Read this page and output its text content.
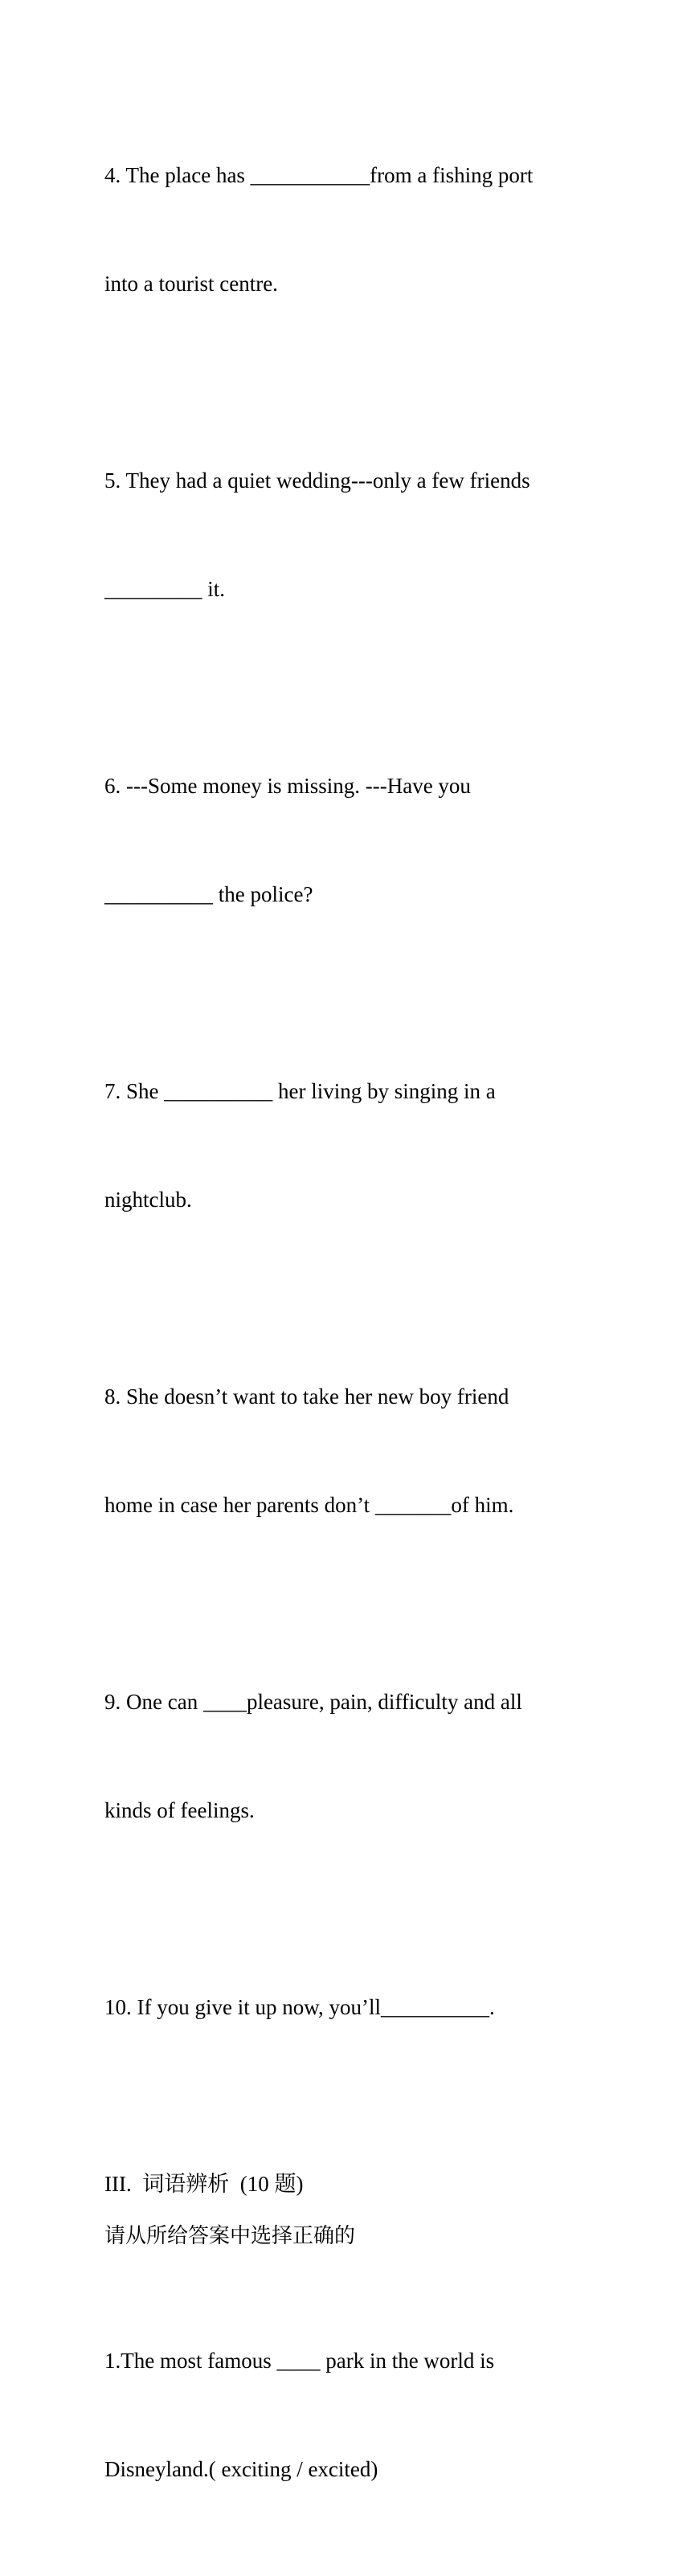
4. The place has ___________from a fishing port

into a tourist centre.

5. They had a quiet wedding---only a few friends

_________ it.

6. ---Some money is missing. ---Have you

__________ the police?

7. She __________ her living by singing in a

nightclub.

8. She doesn’t want to take her new boy friend

home in case her parents don’t _______of him.

9. One can ____pleasure, pain, difficulty and all

kinds of feelings.

10. If you give it up now, you’ll__________.

III.  词语辨析  (10 题)
请从所给答案中选择正确的

1.The most famous ____ park in the world is

Disneyland.( exciting / excited)
